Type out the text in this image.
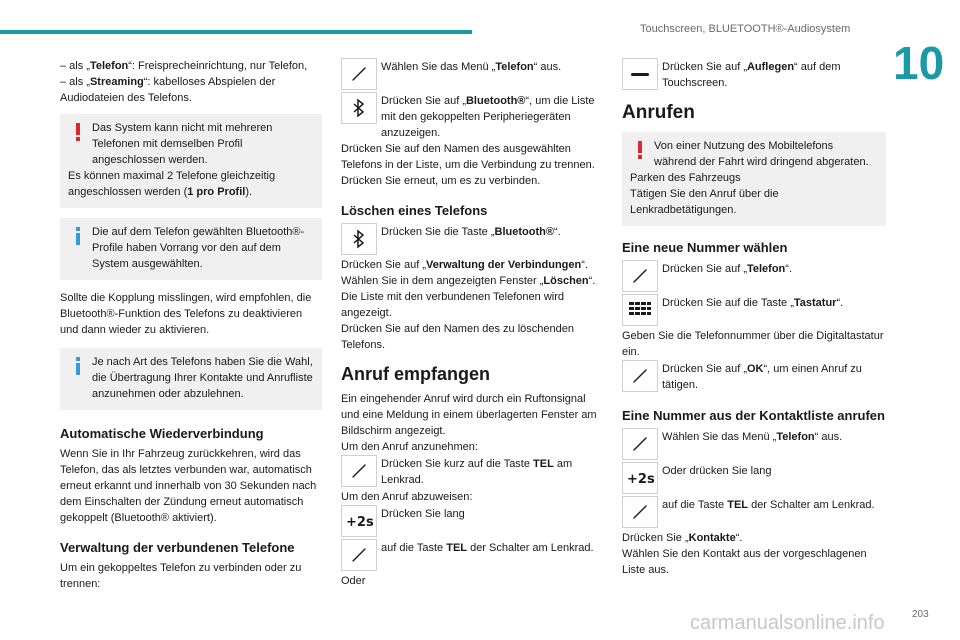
Touchscreen, BLUETOOTH®-Audiosystem
10

– als „Telefon“: Freisprecheinrichtung, nur Telefon,

– als „Streaming“: kabelloses Abspielen der Audiodateien des Telefons.

Das System kann nicht mit mehreren Telefonen mit demselben Profil angeschlossen werden.

Es können maximal 2 Telefone gleichzeitig angeschlossen werden (1 pro Profil).

Die auf dem Telefon gewählten Bluetooth®-Profile haben Vorrang vor den auf dem System ausgewählten.

Sollte die Kopplung misslingen, wird empfohlen, die Bluetooth®-Funktion des Telefons zu deaktivieren und dann wieder zu aktivieren.

Je nach Art des Telefons haben Sie die Wahl, die Übertragung Ihrer Kontakte und Anrufliste anzunehmen oder abzulehnen.

Automatische Wiederverbindung

Wenn Sie in Ihr Fahrzeug zurückkehren, wird das Telefon, das als letztes verbunden war, automatisch erneut erkannt und innerhalb von 30 Sekunden nach dem Einschalten der Zündung erneut automatisch gekoppelt (Bluetooth® aktiviert).

Verwaltung der verbundenen Telefone

Um ein gekoppeltes Telefon zu verbinden oder zu trennen:

Wählen Sie das Menü „Telefon“ aus.
Drücken Sie auf „Bluetooth®“, um die Liste mit den gekoppelten Peripheriegeräten anzuzeigen.

Drücken Sie auf den Namen des ausgewählten Telefons in der Liste, um die Verbindung zu trennen.

Drücken Sie erneut, um es zu verbinden.

Löschen eines Telefons
Drücken Sie die Taste „Bluetooth®“.

Drücken Sie auf „Verwaltung der Verbindungen“.

Wählen Sie in dem angezeigten Fenster „Löschen“.

Die Liste mit den verbundenen Telefonen wird angezeigt.

Drücken Sie auf den Namen des zu löschenden Telefons.

Anruf empfangen

Ein eingehender Anruf wird durch ein Ruftonsignal und eine Meldung in einem überlagerten Fenster am Bildschirm angezeigt.

Um den Anruf anzunehmen:

Drücken Sie kurz auf die Taste TEL am Lenkrad.

Um den Anruf abzuweisen:

+2s
Drücken Sie lang
auf die Taste TEL der Schalter am Lenkrad.

Oder

Drücken Sie auf „Auflegen“ auf dem Touchscreen.
Anrufen

Von einer Nutzung des Mobiltelefons während der Fahrt wird dringend abgeraten.

Parken des Fahrzeugs

Tätigen Sie den Anruf über die Lenkradbetätigungen.

Eine neue Nummer wählen
Drücken Sie auf „Telefon“.
Drücken Sie auf die Taste „Tastatur“.

Geben Sie die Telefonnummer über die Digitaltastatur ein.

Drücken Sie auf „OK“, um einen Anruf zu tätigen.
Eine Nummer aus der Kontaktliste anrufen
Wählen Sie das Menü „Telefon“ aus.
+2s
Oder drücken Sie lang
auf die Taste TEL der Schalter am Lenkrad.

Drücken Sie „Kontakte“.

Wählen Sie den Kontakt aus der vorgeschlagenen Liste aus.

carmanualsonline.info	203
